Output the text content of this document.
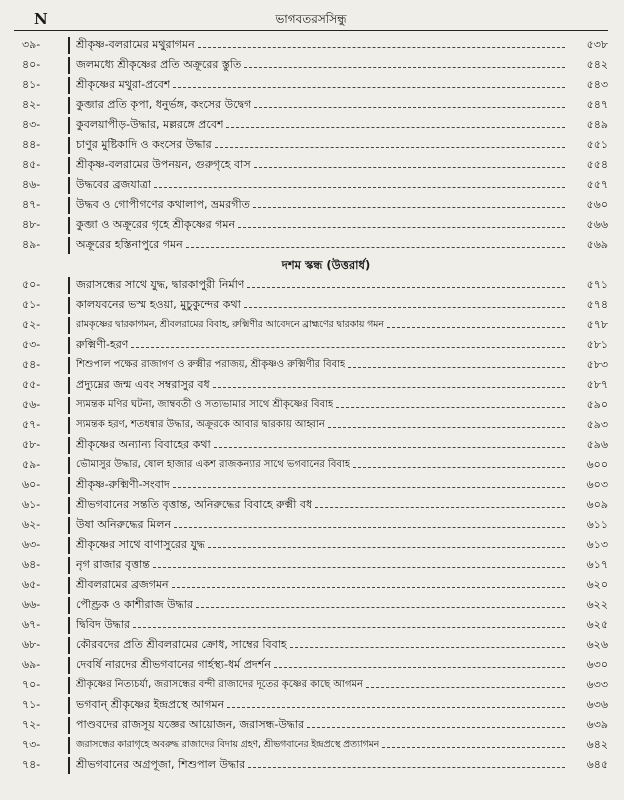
N	ভাগবতরসসিন্ধু
৩৯-	শ্রীকৃষ্ণ-বলরামের মথুরাগমন	৫৩৮
৪০-	জলমধ্যে শ্রীকৃষ্ণের প্রতি অক্রূরের স্তুতি	৫৪২
৪১-	শ্রীকৃষ্ণের মথুরা-প্রবেশ	৫৪৩
৪২-	কুব্জার প্রতি কৃপা, ধনুর্ভঙ্গ, কংসের উদ্বেগ	৫৪৭
৪৩-	কুবলয়াপীড়-উদ্ধার, মল্লরঙ্গে প্রবেশ	৫৪৯
৪৪-	চাণুর মুষ্টিকাদি ও কংসের উদ্ধার	৫৫১
৪৫-	শ্রীকৃষ্ণ-বলরামের উপনয়ন, গুরুগৃহে বাস	৫৫৪
৪৬-	উদ্ধবের ব্রজযাত্রা	৫৫৭
৪৭-	উদ্ধব ও গোপীগণের কথালাপ, ভ্রমরগীত	৫৬০
৪৮-	কুব্জা ও অক্রূরের গৃহে শ্রীকৃষ্ণের গমন	৫৬৬
৪৯-	অক্রূরের হস্তিনাপুরে গমন	৫৬৯
দশম স্কন্ধ (উত্তরার্ধ)
৫০-	জরাসন্ধের সাথে যুদ্ধ, দ্বারকাপুরী নির্মাণ	৫৭১
৫১-	কালযবনের ভস্ম হওয়া, মুচুকুন্দের কথা	৫৭৪
৫২-	রামকৃষ্ণের দ্বারকাগমন, শ্রীবলরামের বিবাহ, রুক্মিণীর আবেদনে ব্রাহ্মণের দ্বারকায় গমন	৫৭৮
৫৩-	রুক্মিণী-হরণ	৫৮১
৫৪-	শিশুপাল পক্ষের রাজাগণ ও রুক্মীর পরাজয়, শ্রীকৃষ্ণও রুক্মিণীর বিবাহ	৫৮৩
৫৫-	প্রদ্যুম্নের জন্ম এবং সম্বরাসুর বধ	৫৮৭
৫৬-	স্যমন্তক মণির ঘটনা, জাম্ববতী ও সত্যভামার সাথে শ্রীকৃষ্ণের বিবাহ	৫৯০
৫৭-	স্যমন্তক হরণ, শতধন্বার উদ্ধার, অক্রূরকে আবার দ্বারকায় আহ্বান	৫৯৩
৫৮-	শ্রীকৃষ্ণের অন্যান্য বিবাহের কথা	৫৯৬
৫৯-	ভৌমাসুর উদ্ধার, ষোল হাজার একশ রাজকন্যার সাথে ভগবানের বিবাহ	৬০০
৬০-	শ্রীকৃষ্ণ-রুক্মিণী-সংবাদ	৬০৩
৬১-	শ্রীভগবানের সন্ততি বৃত্তান্ত, অনিরুদ্ধের বিবাহে রুক্মী বধ	৬০৯
৬২-	উষা অনিরুদ্ধের মিলন	৬১১
৬৩-	শ্রীকৃষ্ণের সাথে বাণাসুরের যুদ্ধ	৬১৩
৬৪-	নৃগ রাজার বৃত্তান্ত	৬১৭
৬৫-	শ্রীবলরামের ব্রজগমন	৬২০
৬৬-	পৌণ্ড্রক ও কাশীরাজ উদ্ধার	৬২২
৬৭-	দ্বিবিদ উদ্ধার	৬২৫
৬৮-	কৌরবদের প্রতি শ্রীবলরামের ক্রোধ, সাম্বের বিবাহ	৬২৬
৬৯-	দেবর্ষি নারদের শ্রীভগবানের গার্হস্থ্য-ধর্ম প্রদর্শন	৬৩০
৭০-	শ্রীকৃষ্ণের নিত্যচর্যা, জরাসন্ধের বন্দী রাজাদের দূতের কৃষ্ণের কাছে আগমন	৬৩৩
৭১-	ভগবান্ শ্রীকৃষ্ণের ইন্দ্রপ্রস্থে আগমন	৬৩৬
৭২-	পাণ্ডবদের রাজসূয় যজ্ঞের আয়োজন, জরাসন্ধ-উদ্ধার	৬৩৯
৭৩-	জরাসন্ধের কারাগৃহে অবরুদ্ধ রাজাদের বিদায় গ্রহণ, শ্রীভগবানের ইন্দ্রপ্রস্থে প্রত্যাগমন	৬৪২
৭৪-	শ্রীভগবানের অগ্রপূজা, শিশুপাল উদ্ধার	৬৪৫
